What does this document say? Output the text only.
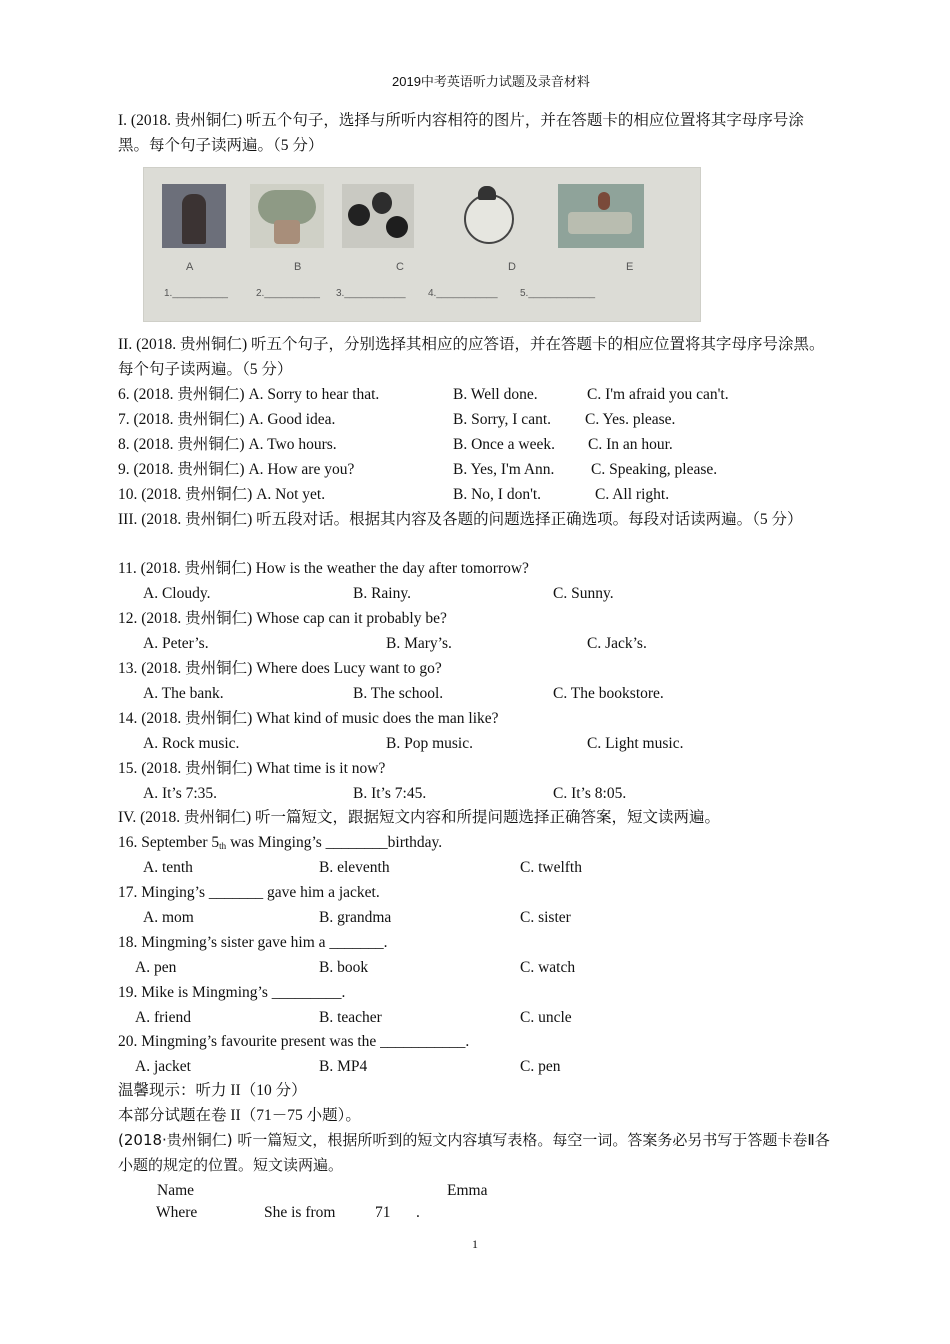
2019中考英语听力试题及录音材料
I. (2018. 贵州铜仁) 听五个句子，选择与所听内容相符的图片，并在答题卡的相应位置将其字母序号涂黑。每个句子读两遍。（5 分）
A	B	C	D	E
1.__________	2.__________ 3.___________ 4.___________ 5.____________
II. (2018. 贵州铜仁) 听五个句子，分别选择其相应的应答语，并在答题卡的相应位置将其字母序号涂黑。每个句子读两遍。（5 分）
6. (2018. 贵州铜仁) A. Sorry to hear that.	B. Well done.	C. I'm afraid you can't.
7. (2018. 贵州铜仁) A. Good idea.	B. Sorry, I cant. C. Yes. please.
8. (2018. 贵州铜仁) A. Two hours.	B. Once a week. C. In an hour.
9. (2018. 贵州铜仁) A. How are you?	B. Yes, I'm Ann. C. Speaking, please.
10. (2018. 贵州铜仁) A. Not yet.	B. No, I don't.	C. All right.
III. (2018. 贵州铜仁) 听五段对话。根据其内容及各题的问题选择正确选项。每段对话读两遍。（5 分）
11. (2018. 贵州铜仁) How is the weather the day after tomorrow?
A. Cloudy.	B. Rainy.	C. Sunny.
12. (2018. 贵州铜仁) Whose cap can it probably be?
A. Peter’s.	B. Mary’s.	C. Jack’s.
13. (2018. 贵州铜仁) Where does Lucy want to go?
A. The bank.	B. The school.	C. The bookstore.
14. (2018. 贵州铜仁) What kind of music does the man like?
A. Rock music.	B. Pop music.	C. Light music.
15. (2018. 贵州铜仁) What time is it now?
A. It’s 7:35.	B. It’s 7:45.	C. It’s 8:05.
IV. (2018. 贵州铜仁) 听一篇短文，跟据短文内容和所提问题选择正确答案，短文读两遍。
16. September $5_{th}$ was Minging’s ________birthday.
A. tenth	B. eleventh	C. twelfth
17. Minging’s _______ gave him a jacket.
A. mom	B. grandma	C. sister
18. Mingming’s sister gave him a _______.
A. pen	B. book	C. watch
19. Mike is Mingming’s _________.
A. friend	B. teacher	C. uncle
20. Mingming’s favourite present was the ___________.
A. jacket	B. MP4	C. pen
温馨现示：听力 II（10 分）
本部分试题在卷 II（71－75 小题）。
(2018·贵州铜仁) 听一篇短文，根据所听到的短文内容填写表格。每空一词。答案务必另书写于答题卡卷Ⅱ各小题的规定的位置。短文读两遍。
Name	Emma
Where	She is from	71 .
1
